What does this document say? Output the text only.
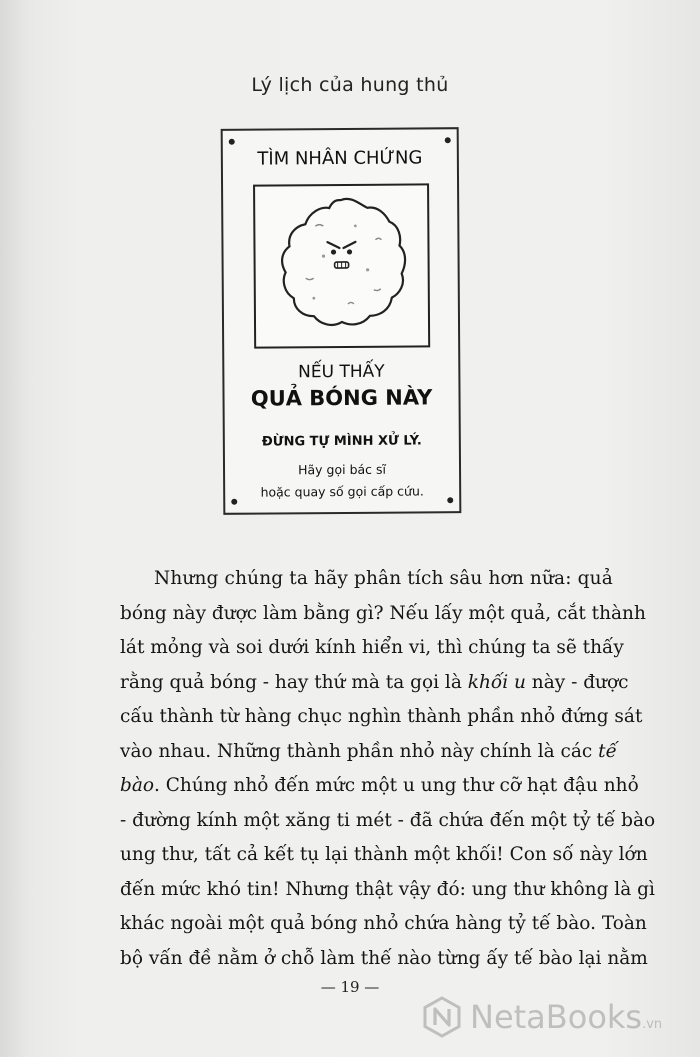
Lý lịch của hung thủ
TÌM NHÂN CHỨNG
NẾU THẤY
QUẢ BÓNG NÀY
ĐỪNG TỰ MÌNH XỬ LÝ.
Hãy gọi bác sĩ
hoặc quay số gọi cấp cứu.
Nhưng chúng ta hãy phân tích sâu hơn nữa: quả
bóng này được làm bằng gì? Nếu lấy một quả, cắt thành
lát mỏng và soi dưới kính hiển vi, thì chúng ta sẽ thấy
rằng quả bóng - hay thứ mà ta gọi là khối u này - được
cấu thành từ hàng chục nghìn thành phần nhỏ đứng sát
vào nhau. Những thành phần nhỏ này chính là các tế
bào. Chúng nhỏ đến mức một u ung thư cỡ hạt đậu nhỏ
- đường kính một xăng ti mét - đã chứa đến một tỷ tế bào
ung thư, tất cả kết tụ lại thành một khối! Con số này lớn
đến mức khó tin! Nhưng thật vậy đó: ung thư không là gì
khác ngoài một quả bóng nhỏ chứa hàng tỷ tế bào. Toàn
bộ vấn đề nằm ở chỗ làm thế nào từng ấy tế bào lại nằm
— 19 —
NetaBooks .vn
